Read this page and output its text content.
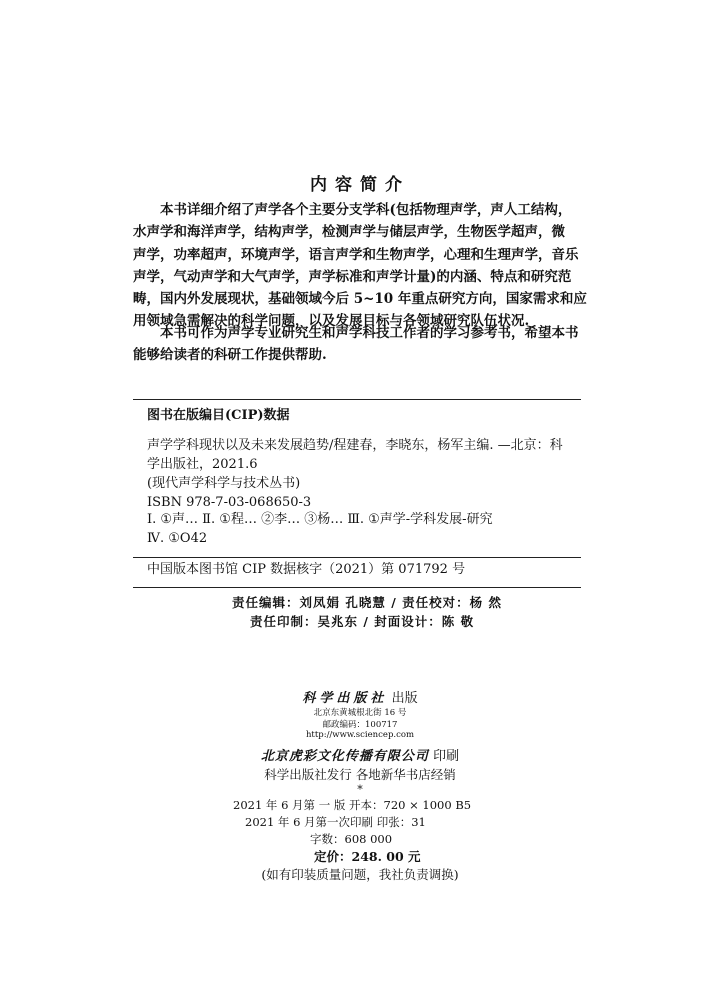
内容简介
本书详细介绍了声学各个主要分支学科(包括物理声学，声人工结构，
水声学和海洋声学，结构声学，检测声学与储层声学，生物医学超声，微
声学，功率超声，环境声学，语言声学和生物声学，心理和生理声学，音乐
声学，气动声学和大气声学，声学标准和声学计量)的内涵、特点和研究范
畴，国内外发展现状，基础领域今后 5~10 年重点研究方向，国家需求和应
用领域急需解决的科学问题，以及发展目标与各领域研究队伍状况.
本书可作为声学专业研究生和声学科技工作者的学习参考书，希望本书
能够给读者的科研工作提供帮助.
图书在版编目(CIP)数据
声学学科现状以及未来发展趋势/程建春，李晓东，杨军主编. —北京：科
学出版社，2021.6
(现代声学科学与技术丛书)
ISBN 978-7-03-068650-3
Ⅰ. ①声… Ⅱ. ①程… ②李… ③杨… Ⅲ. ①声学-学科发展-研究
Ⅳ. ①O42
中国版本图书馆 CIP 数据核字（2021）第 071792 号
责任编辑：刘凤娟 孔晓慧 / 责任校对：杨 然
责任印制：吴兆东 / 封面设计：陈 敬
科学出版社 出版
北京东黄城根北街 16 号
邮政编码：100717
http://www.sciencep.com
北京虎彩文化传播有限公司 印刷
科学出版社发行 各地新华书店经销
*
2021 年 6 月第 一 版 开本：720 × 1000 B5
2021 年 6 月第一次印刷 印张：31
字数：608 000
定价：248. 00 元
(如有印装质量问题，我社负责调换)
